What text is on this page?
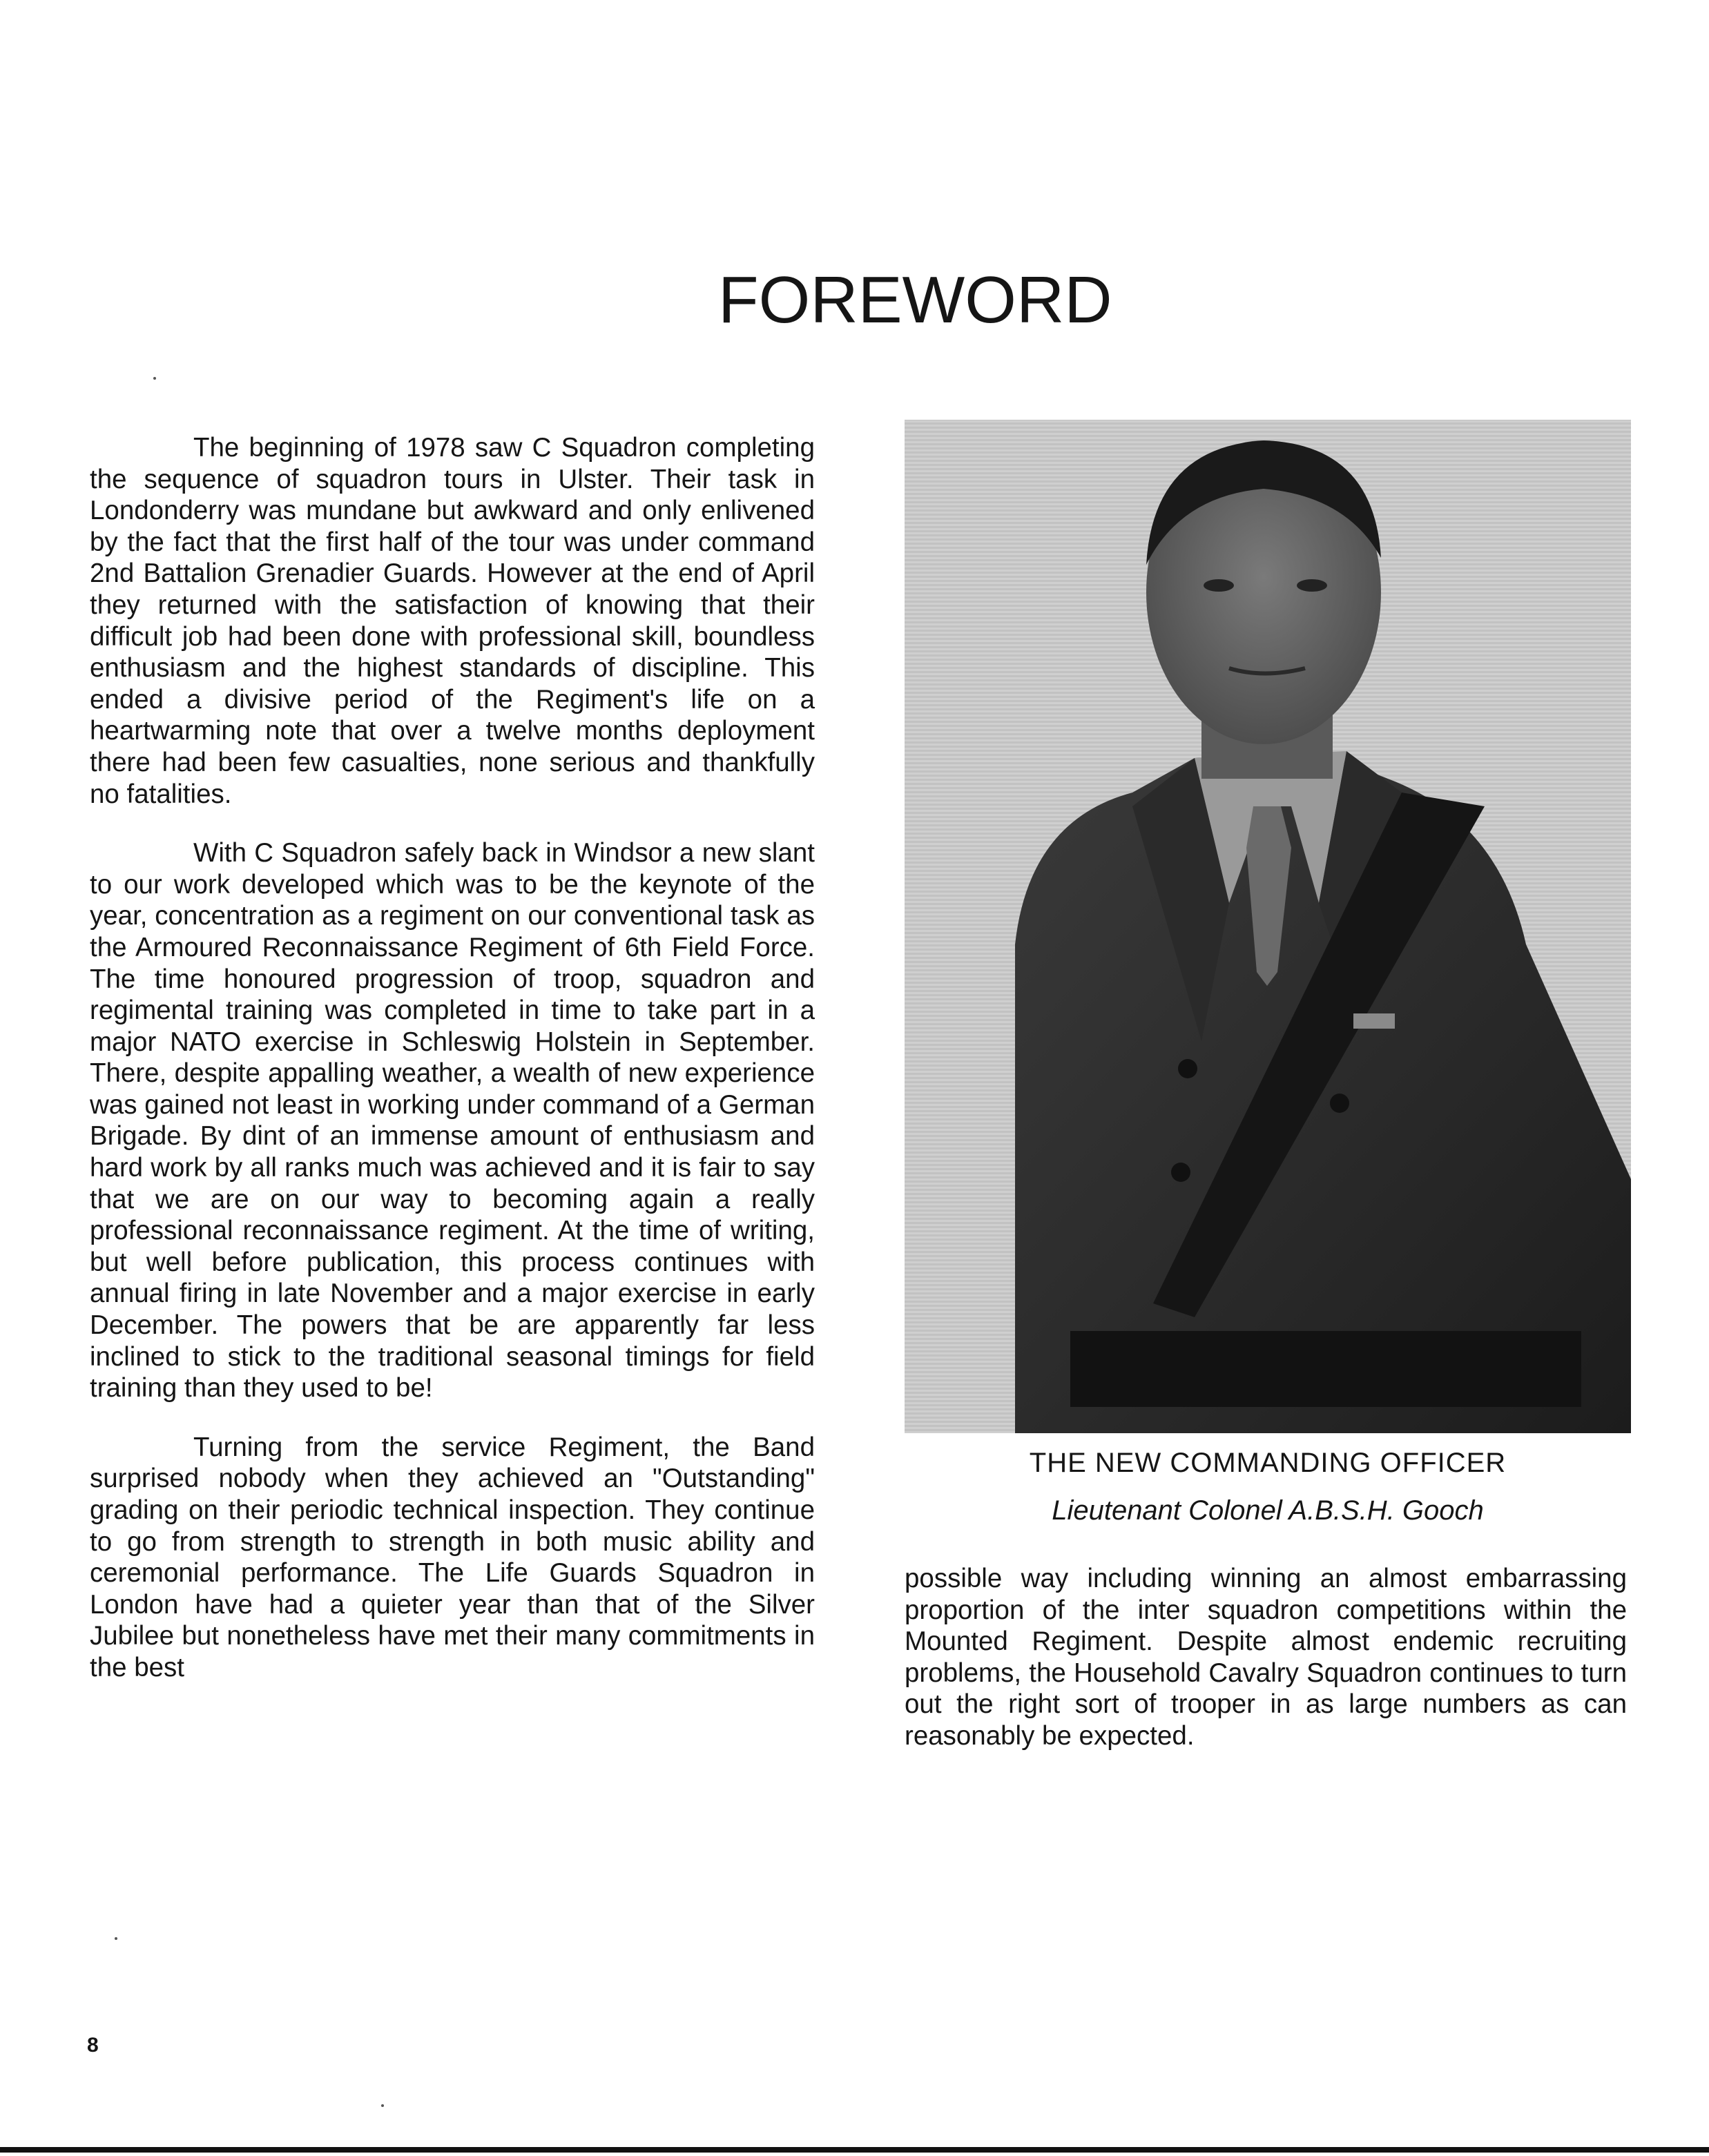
FOREWORD

The beginning of 1978 saw C Squadron completing the sequence of squadron tours in Ulster. Their task in Londonderry was mundane but awkward and only enlivened by the fact that the first half of the tour was under command 2nd Battalion Grenadier Guards. However at the end of April they returned with the satisfaction of knowing that their difficult job had been done with professional skill, boundless enthusiasm and the highest standards of discipline. This ended a divisive period of the Regiment's life on a heartwarming note that over a twelve months deployment there had been few casualties, none serious and thankfully no fatalities.

With C Squadron safely back in Windsor a new slant to our work developed which was to be the keynote of the year, concentration as a regiment on our conventional task as the Armoured Reconnaissance Regiment of 6th Field Force. The time honoured progression of troop, squadron and regimental training was completed in time to take part in a major NATO exercise in Schleswig Holstein in September. There, despite appalling weather, a wealth of new experience was gained not least in working under command of a German Brigade. By dint of an immense amount of enthusiasm and hard work by all ranks much was achieved and it is fair to say that we are on our way to becoming again a really professional reconnaissance regiment. At the time of writing, but well before publication, this process continues with annual firing in late November and a major exercise in early December. The powers that be are apparently far less inclined to stick to the traditional seasonal timings for field training than they used to be!

Turning from the service Regiment, the Band surprised nobody when they achieved an "Outstanding" grading on their periodic technical inspection. They continue to go from strength to strength in both music ability and ceremonial performance. The Life Guards Squadron in London have had a quieter year than that of the Silver Jubilee but nonetheless have met their many commitments in the best

THE NEW COMMANDING OFFICER
Lieutenant Colonel A.B.S.H. Gooch

possible way including winning an almost embarrassing proportion of the inter squadron competitions within the Mounted Regiment. Despite almost endemic recruiting problems, the Household Cavalry Squadron continues to turn out the right sort of trooper in as large numbers as can reasonably be expected.

8
